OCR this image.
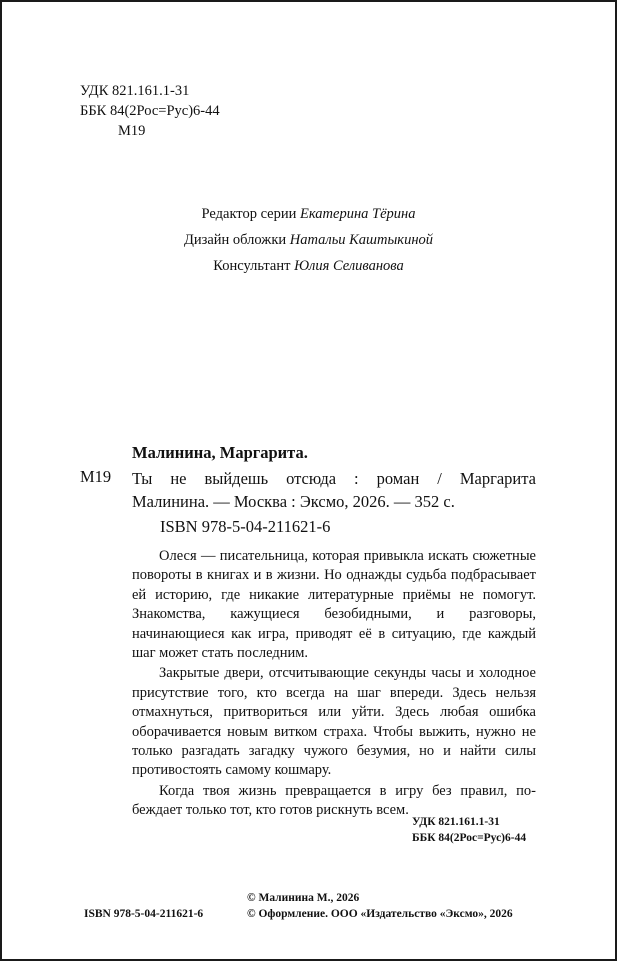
УДК 821.161.1-31
ББК 84(2Рос=Рус)6-44
М19
Редактор серии Екатерина Тёрина
Дизайн обложки Натальи Каштыкиной
Консультант Юлия Селиванова
Малинина, Маргарита.
М19 Ты не выйдешь отсюда : роман / Маргарита
Малинина. — Москва : Эксмо, 2026. — 352 с.
ISBN 978-5-04-211621-6

Олеся — писательница, которая привыкла искать сюжетные повороты в книгах и в жизни. Но однажды судьба подбрасывает ей историю, где никакие литературные приёмы не помогут. Знакомства, кажущиеся безобидными, и разговоры, начинающиеся как игра, приводят её в ситуацию, где каждый шаг может стать последним.

Закрытые двери, отсчитывающие секунды часы и холодное присутствие того, кто всегда на шаг впереди. Здесь нельзя отмахнуться, притвориться или уйти. Здесь любая ошибка оборачивается новым витком страха. Чтобы выжить, нужно не только разгадать загадку чужого безумия, но и найти силы противостоять самому кошмару.

Когда твоя жизнь превращается в игру без правил, побеждает только тот, кто готов рискнуть всем.

УДК 821.161.1-31
ББК 84(2Рос=Рус)6-44
© Малинина М., 2026
© Оформление. ООО «Издательство «Эксмо», 2026
ISBN 978-5-04-211621-6
